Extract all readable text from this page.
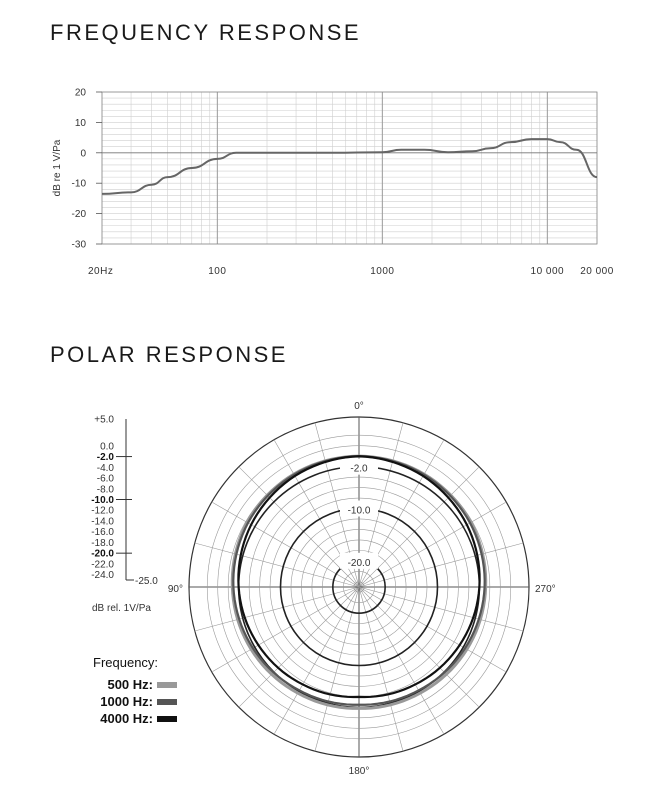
FREQUENCY RESPONSE
POLAR RESPONSE
20
10
0
-10
-20
-30
dB re 1 V/Pa
20Hz	100	1000	10 000 20 000
-2.0
-10.0
-20.0
0°
90°
180°
270°
+5.0
0.0
-2.0
-4.0
-6.0
-8.0
-10.0
-12.0
-14.0
-16.0
-18.0
-20.0
-22.0
-24.0
-25.0
dB rel. 1V/Pa
Frequency:
500 Hz:
1000 Hz:
4000 Hz:
